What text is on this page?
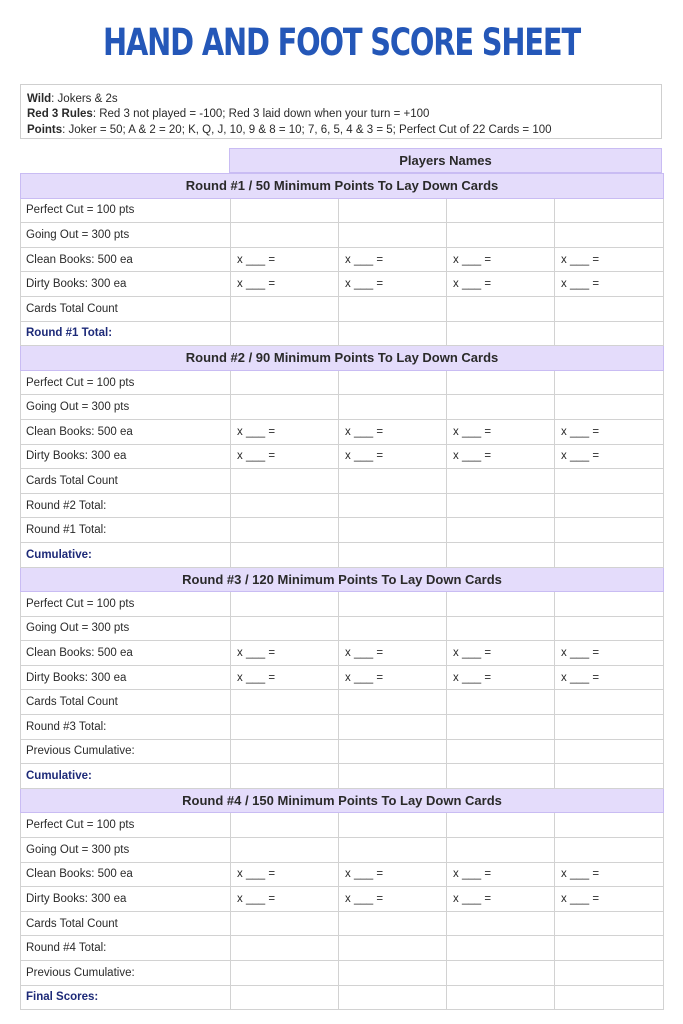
HAND AND FOOT SCORE SHEET
Wild: Jokers & 2s
Red 3 Rules: Red 3 not played = -100; Red 3 laid down when your turn = +100
Points: Joker = 50; A & 2 = 20; K, Q, J, 10, 9 & 8 = 10; 7, 6, 5, 4 & 3 = 5; Perfect Cut of 22 Cards = 100
Players Names
Round #1 / 50 Minimum Points To Lay Down Cards				
Perfect Cut = 100 pts				
Going Out = 300 pts				
Clean Books: 500 ea	x ___ =	x ___ =	x ___ =	x ___ =
Dirty Books: 300 ea	x ___ =	x ___ =	x ___ =	x ___ =
Cards Total Count				
Round #1 Total:				
Round #2 / 90 Minimum Points To Lay Down Cards				
Perfect Cut = 100 pts				
Going Out = 300 pts				
Clean Books: 500 ea	x ___ =	x ___ =	x ___ =	x ___ =
Dirty Books: 300 ea	x ___ =	x ___ =	x ___ =	x ___ =
Cards Total Count				
Round #2 Total:				
Round #1 Total:				
Cumulative:				
Round #3 / 120 Minimum Points To Lay Down Cards				
Perfect Cut = 100 pts				
Going Out = 300 pts				
Clean Books: 500 ea	x ___ =	x ___ =	x ___ =	x ___ =
Dirty Books: 300 ea	x ___ =	x ___ =	x ___ =	x ___ =
Cards Total Count				
Round #3 Total:				
Previous Cumulative:				
Cumulative:				
Round #4 / 150 Minimum Points To Lay Down Cards				
Perfect Cut = 100 pts				
Going Out = 300 pts				
Clean Books: 500 ea	x ___ =	x ___ =	x ___ =	x ___ =
Dirty Books: 300 ea	x ___ =	x ___ =	x ___ =	x ___ =
Cards Total Count				
Round #4 Total:				
Previous Cumulative:				
Final Scores:				
